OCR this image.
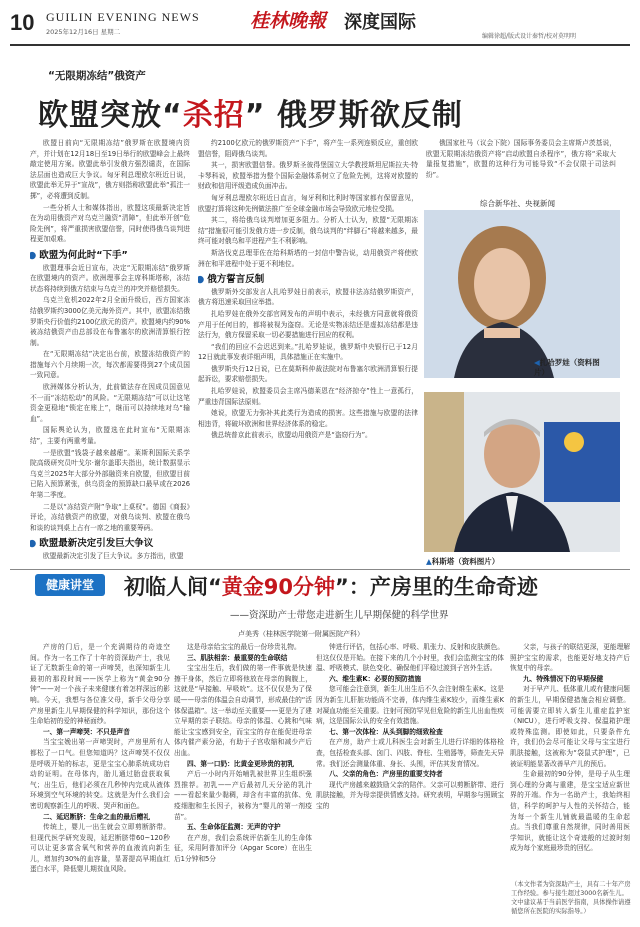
10 GUILIN EVENING NEWS
2025年12月16日 星期二	桂林晚報 深度国际
编辑徐超/版式设计秦哲/校对莫明明
“无限期冻结”俄资产
欧盟突放“杀招” 俄罗斯欲反制

欧盟日前向“无限期冻结”俄罗斯在欧盟境内资产，并计划在12月18日至19日举行的欧盟峰会上最终敲定使用方案。欧盟此举引发俄方强烈谴责，在国际法层面也造成巨大争议。匈牙利总理欧尔班近日说，欧盟此举无异于“宣战”，俄方则指称欧盟此举“孤注一掷”，必将遭到反制。

一些分析人士和媒体指出，欧盟这项最新决定旨在为动用俄资产对乌克兰融资“清障”，但此举开创“危险先例”，将严重损害欧盟信誉，同时使得俄乌谈判进程更加艰难。

● 欧盟为何此时“下手”

欧盟理事会近日宣布，决定“无限期冻结”俄罗斯在欧盟境内的资产。欧洲理事会主席科斯塔称，冻结状态将持续到俄方结束与乌克兰的冲突并赔偿损失。

乌克兰危机2022年2月全面升级后，西方国家冻结俄罗斯约3000亿美元海外资产。其中，欧盟冻结俄罗斯央行价值约2100亿欧元的资产。欧盟境内约90%被冻结俄资产由总部设在布鲁塞尔的欧洲清算银行控制。

在“无限期冻结”决定出台前，欧盟冻结俄资产的措施每六个月续期一次，每次都需要得到27个成员国一致同意。

欧洲媒体分析认为，此前做法存在因成员国意见不一而“冻结松动”的风险。“无限期冻结”可以让这笔资金更稳地“锁定在账上”，继而可以持续地对乌“输血”。

国际舆论认为，欧盟选在此时宣布“无限期冻结”，主要有两重考量。

一是欧盟“钱袋子越来越瘪”。莱斯利国际关系学院高级研究员叶戈尔·谢尔盖耶夫指出，统计数据显示乌克兰2025年大部分外部融资来自欧盟，但欧盟目前已陷入预算紧张，供乌资金的预算缺口最早或在2026年第二季度。

二是以“冻结资产附”争取“上桌权”。德国《商报》评论，冻结俄资产的欧盟，对俄乌谈判、欧盟在俄乌和谈的谈判桌上占有一席之地的重要筹码。

● 欧盟最新决定引发巨大争议

欧盟最新决定引发了巨大争议。多方指出，欧盟

约2100亿欧元的俄罗斯资产“下手”，将产生一系列连锁反应，重创欧盟信誉，阻碍俄乌谈判。

其一，损害欧盟信誉。俄罗斯圣彼得堡国立大学教授斯坦尼斯拉夫·特卡琴科说，欧盟举措为整个国际金融体系树立了危险先例，这将对欧盟的财政和信用评级造成负面冲击。

匈牙利总理欧尔班近日直言，匈牙利和比利时等国家都有保留意见，欧盟打算将这种先例做法推广至全球金融市场会导致欧元地位受损。

其二，将给俄乌谈判增加更多阻力。分析人士认为，欧盟“无限期冻结”措施很可能引发俄方进一步反制，俄乌谈判的“绊脚石”将越来越多，最终可能对俄乌和平进程产生不利影响。

斯洛伐克总理菲佐在给科斯塔的一封信中警告说，动用俄资产将使欧洲在和平进程中处于更不利地位。

● 俄方誓言反制

俄罗斯外交部发言人扎哈罗娃日前表示，欧盟非法冻结俄罗斯资产，俄方将迅速采取回应举措。

扎哈罗娃在俄外交部官网发布的声明中表示，未经俄方同意就将俄资产用于任何目的，都将被视为盗窃。无论是实物冻结还是虚拟冻结都是违法行为，俄方保留采取一切必要措施进行回应的权利。

“我们的回应不会迟迟到来。”扎哈罗娃说，俄罗斯中央银行已于12月12日就此事发表详细声明，具体措施正在实施中。

俄罗斯央行12日说，已在莫斯科仲裁法院对布鲁塞尔欧洲清算银行提起诉讼，要求赔偿损失。

扎哈罗娃说，欧盟委员会主席冯德莱恩在“经济掠夺”性上一意孤行，严重违背国际法原则。

她说，欧盟无力弥补其此类行为造成的损害。这些措施与欧盟的法律相违背，将破坏欧洲和世界经济体系的稳定。

俄总统普京此前表示，欧盟动用俄资产是“盗窃行为”。

俄国家杜马（议会下院）国际事务委员会主席斯卢茨基说，欧盟无限期冻结俄资产将“启动欧盟自杀程序”，俄方将“采取大量报复措施”，欧盟的这种行为可能导致“不会仅限于司法纠纷”。

综合新华社、央视新闻
◀扎哈罗娃（资料图片）
▲科斯塔（资料图片）
健康讲堂	初临人间“黄金90分钟”：产房里的生命奇迹
——资深助产士带您走进新生儿早期保健的科学世界
卢美秀（桂林医学院第一附属医院产科）

产房的门后，是一个充满期待的奇迹空间。作为一名工作了十年的资深助产士，我见证了无数新生命的第一声啼哭，也深知新生儿最初的那段时间——医学上称为“黄金90分钟”——对一个孩子未来健康有着怎样深远的影响。今天，我想与各位准父母，新手父母分享产房里新生儿早期保健的科学知识，那份这个生命始初的爱的神秘面纱。

一、第一声啼哭：不只是声音

当宝宝娩出第一声啼哭时，产房里所有人都松了一口气。但您知道吗？这声啼哭不仅仅是呼吸开始的标志，更是宝宝心肺系统成功启动的证明。在母体内，胎儿通过胎盘获取氧气；出生后，他们必须在几秒钟内完成从液体环境到空气环境的转变。这就是为什么我们会密切观察新生儿的呼吸、哭声和面色。

二、延迟断脐：生命之血的最后赠礼

传统上，婴儿一出生就会立即剪断脐带。但现代医学研究发现，延迟断脐带60~120秒可以让更多富含氧气和营养的血液流向新生儿，增加约30%的血容量，显著提高早期血红蛋白水平，降低婴儿期贫血风险。

这是母亲给宝宝的最后一份珍贵礼物。

三、肌肤相亲：最重要的生命联结

宝宝出生后，我们做的第一件事就是快速擦干身体，然后立即将他放在母亲的胸腹上，这就是“早接触、早吸吮”。这不仅仅是为了保暖——母亲的体温会自动调节，形成最佳的“活体保温箱”。这一举动至关重要——更是为了建立早期的亲子联结。母亲的体温、心跳和气味能让宝宝感到安全，而宝宝的存在能促进母亲体内催产素分泌，有助于子宫收缩和减少产后出血。

四、第一口奶：比黄金更珍贵的初乳

产后一小时内开始哺乳被世界卫生组织强烈推荐。初乳——产后最初几天分泌的乳汁——看起来量少黏稠，却含有丰富的抗体、免疫细胞和生长因子，被称为“婴儿的第一剂疫苗”。

五、生命体征监测：无声的守护

在产房，我们会系统评估新生儿的生命体征，采用阿普加评分（Apgar Score）在出生后1分钟和5分

钟进行评估，包括心率、呼吸、肌张力、反射和皮肤颜色。但这仅仅是开始。在接下来的几个小时里，我们会监测宝宝的体温、呼吸模式、肤色变化、确保他们平稳过渡到子宫外生活。

六、维生素K：必要的预防措施

您可能会注意到，新生儿出生后不久会注射维生素K。这是因为新生儿肝脏功能尚不完善，体内维生素K较少，而维生素K对凝血功能至关重要。注射可预防罕见但危险的新生儿出血性疾病，这是国际公认的安全有效措施。

七、第一次体检：从头到脚的细致检查

在产房，助产士或儿科医生会对新生儿进行详细的体格检查，包括检查头部、囟门、四肢、脊柱、生殖器等，筛查先天异常。我们还会测量体重、身长、头围，评估其发育情况。

八、父亲的角色：产房里的重要支持者

现代产房越来越鼓励父亲的陪伴。父亲可以剪断脐带、进行肌肤接触，并为母亲提供情感支持。研究表明，早期参与照顾宝宝的

父亲，与孩子的联结更深，更能理解照护宝宝的需求，也能更好地支持产后恢复中的母亲。

九、特殊情况下的早期保健

对于早产儿、低体重儿或有健康问题的新生儿，早期保健措施会相应调整。可能需要立即转入新生儿重症监护室（NICU），进行呼吸支持、保温箱护理或特殊监测。即使如此，只要条件允许，我们仍会尽可能让父母与宝宝进行肌肤接触，这被称为“袋鼠式护理”，已被证明能显著改善早产儿的预后。

生命最初的90分钟，是母子从生理到心理的分离与重建，是宝宝适应新世界的开端。作为一名助产士，我始终相信，科学的呵护与人性的关怀结合，能为每一个新生儿铺就最温暖的生命起点。当我们尊重自然规律，同时善用医学知识，就能让这个奇迹般的过渡时刻成为每个家庭最珍贵的回忆。

（本文作者为资深助产士，具有二十年产房工作经验。参与接生超过3000名新生儿。文中建议基于当前医学指南，具体操作请遵循您所在医院的实际指导。）
